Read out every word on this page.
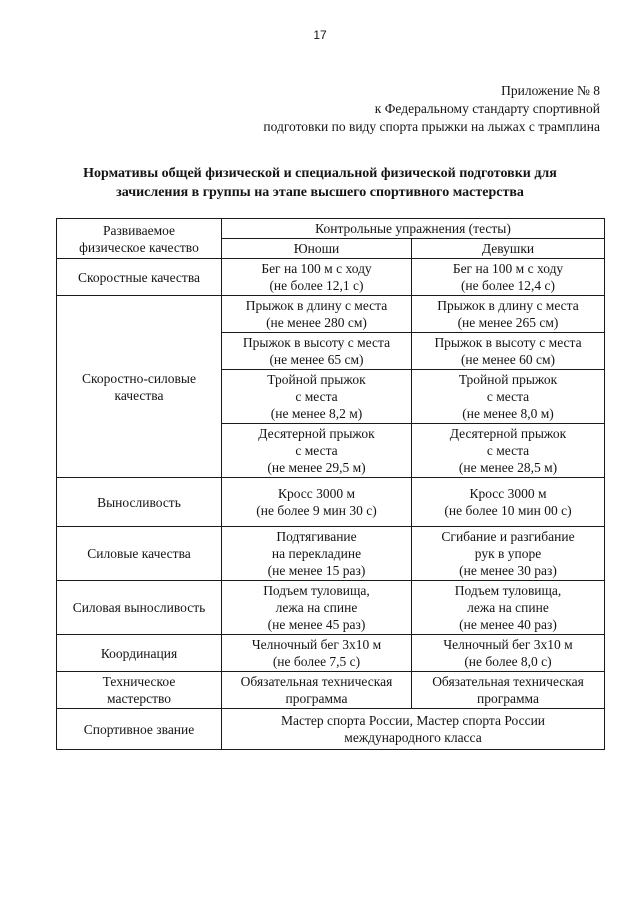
17
Приложение № 8
к Федеральному стандарту спортивной
подготовки по виду спорта прыжки на лыжах с трамплина
Нормативы общей физической и специальной физической подготовки для
зачисления в группы на этапе высшего спортивного мастерства
Развиваемое
физическое качество	Контрольные упражнения (тесты)	
	Юноши	Девушки

Скоростные качества	Бег на 100 м с ходу
(не более 12,1 с)	Бег на 100 м с ходу
(не более 12,4 с)

Скоростно-силовые
качества	Прыжок в длину с места
(не менее 280 см)	Прыжок в длину с места
(не менее 265 см)

	Прыжок в высоту с места
(не менее 65 см)	Прыжок в высоту с места
(не менее 60 см)

	Тройной прыжок
с места
(не менее 8,2 м)	Тройной прыжок
с места
(не менее 8,0 м)

	Десятерной прыжок
с места
(не менее 29,5 м)	Десятерной прыжок
с места
(не менее 28,5 м)

Выносливость	Кросс 3000 м
(не более 9 мин 30 с)	Кросс 3000 м
(не более 10 мин 00 с)

Силовые качества	Подтягивание
на перекладине
(не менее 15 раз)	Сгибание и разгибание
рук в упоре
(не менее 30 раз)

Силовая выносливость	Подъем туловища,
лежа на спине
(не менее 45 раз)	Подъем туловища,
лежа на спине
(не менее 40 раз)

Координация	Челночный бег 3x10 м
(не более 7,5 с)	Челночный бег 3x10 м
(не более 8,0 с)

Техническое
мастерство	Обязательная техническая
программа	Обязательная техническая
программа

Спортивное звание	Мастер спорта России, Мастер спорта России
международного класса	
